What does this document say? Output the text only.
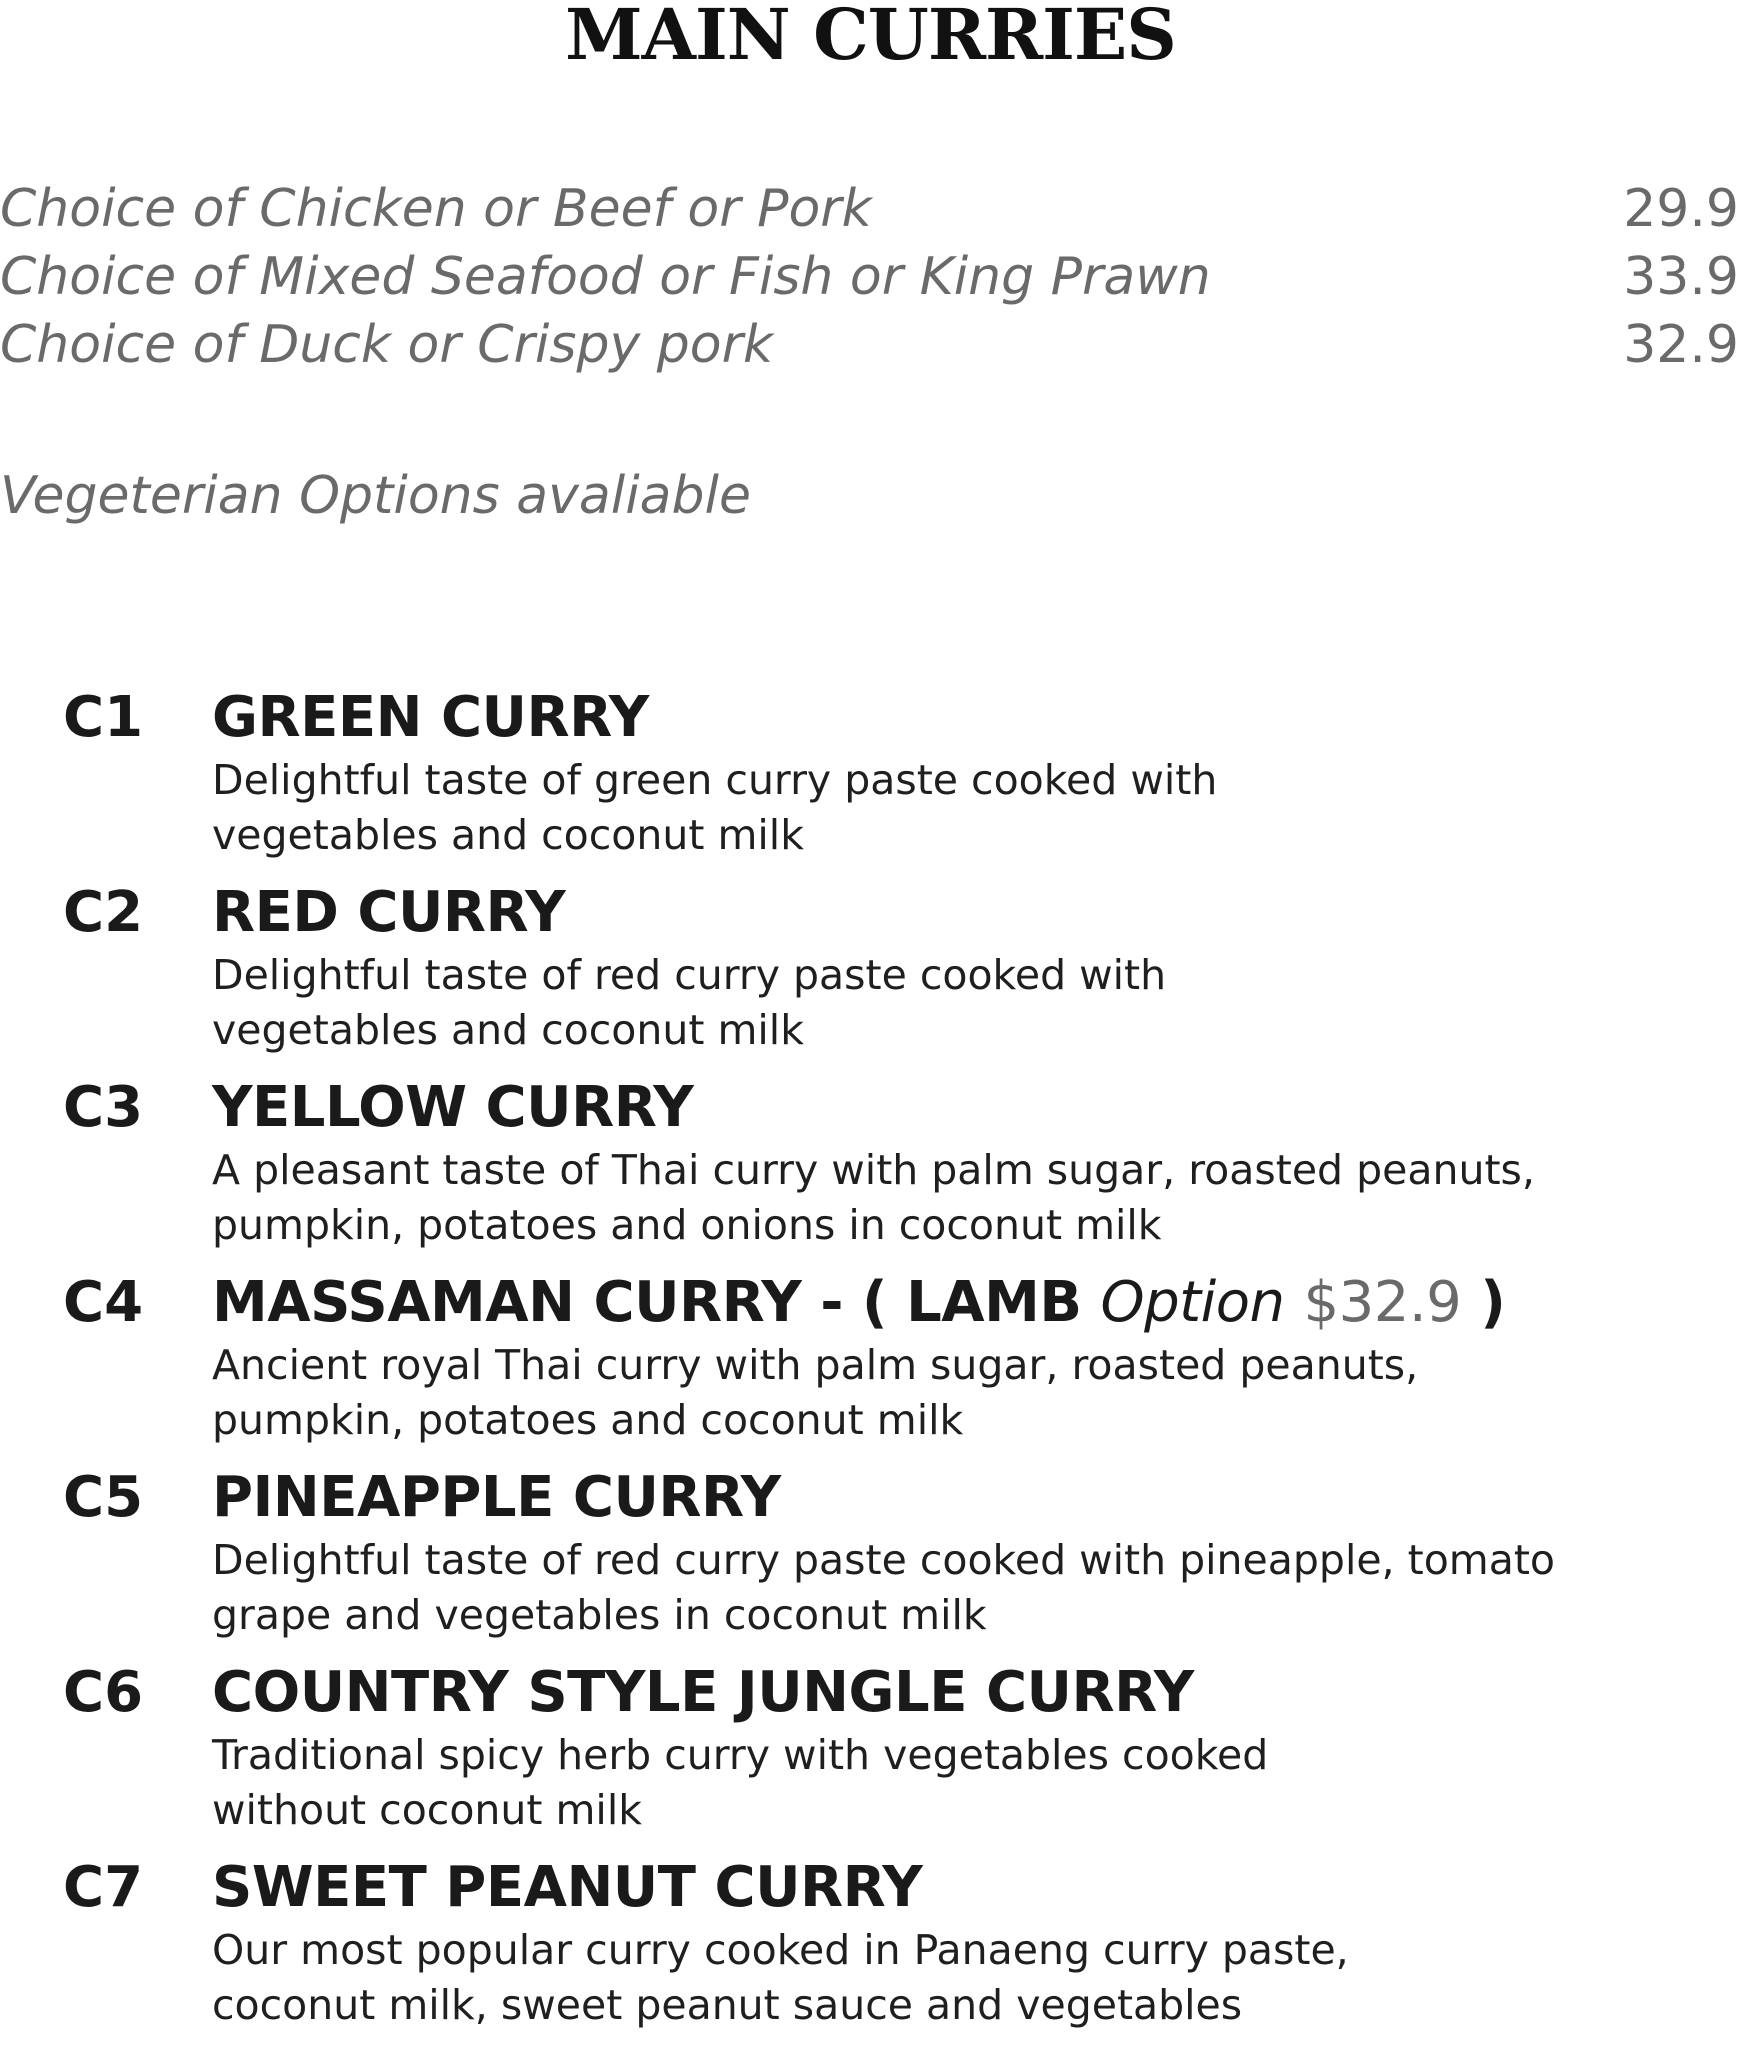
MAIN CURRIES
Choice of Chicken or Beef or Pork	29.9
Choice of Mixed Seafood or Fish or King Prawn	33.9
Choice of Duck or Crispy pork	32.9
Vegeterian Options avaliable
C1 GREEN CURRY
Delightful taste of green curry paste cooked with
vegetables and coconut milk
C2 RED CURRY
Delightful taste of red curry paste cooked with
vegetables and coconut milk
C3 YELLOW CURRY
A pleasant taste of Thai curry with palm sugar, roasted peanuts,
pumpkin, potatoes and onions in coconut milk
C4 MASSAMAN CURRY - ( LAMB Option $32.9 )
Ancient royal Thai curry with palm sugar, roasted peanuts,
pumpkin, potatoes and coconut milk
C5 PINEAPPLE CURRY
Delightful taste of red curry paste cooked with pineapple, tomato
grape and vegetables in coconut milk
C6 COUNTRY STYLE JUNGLE CURRY
Traditional spicy herb curry with vegetables cooked
without coconut milk
C7 SWEET PEANUT CURRY
Our most popular curry cooked in Panaeng curry paste,
coconut milk, sweet peanut sauce and vegetables
